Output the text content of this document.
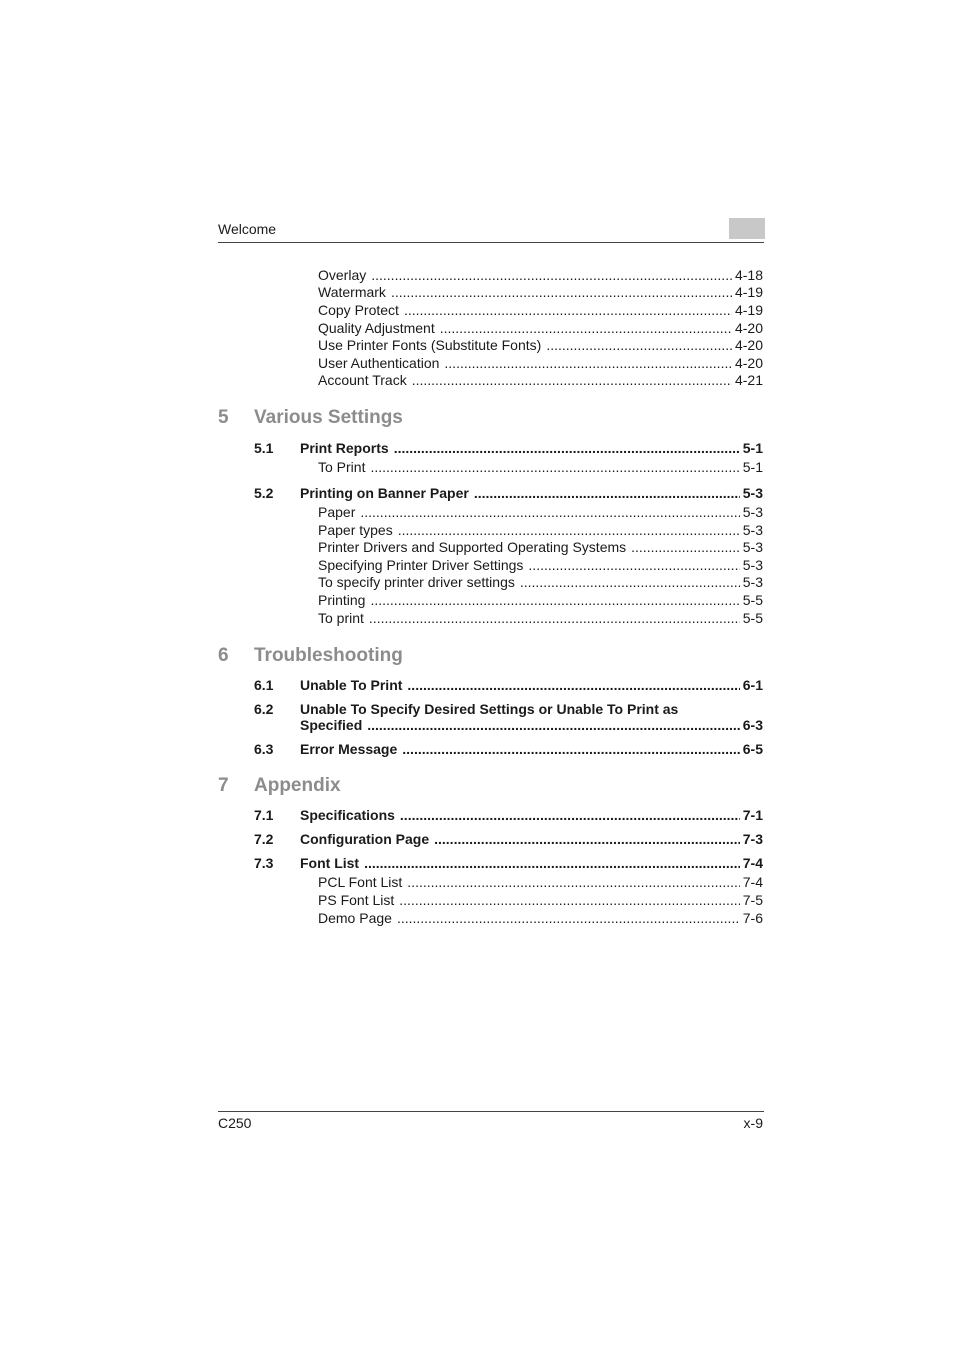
Welcome
Overlay .....	4-18
Watermark .....	4-19
Copy Protect .....	4-19
Quality Adjustment .....	4-20
Use Printer Fonts (Substitute Fonts) .....	4-20
User Authentication .....	4-20
Account Track .....	4-21
5 Various Settings
5.1 Print Reports .....	5-1
To Print .....	5-1
5.2 Printing on Banner Paper .....	5-3
Paper .....	5-3
Paper types .....	5-3
Printer Drivers and Supported Operating Systems .....	5-3
Specifying Printer Driver Settings .....	5-3
To specify printer driver settings .....	5-3
Printing .....	5-5
To print .....	5-5
6 Troubleshooting
6.1 Unable To Print .....	6-1
6.2 Unable To Specify Desired Settings or Unable To Print as
Specified .....	6-3
6.3 Error Message .....	6-5
7 Appendix
7.1 Specifications .....	7-1
7.2 Configuration Page .....	7-3
7.3 Font List .....	7-4
PCL Font List .....	7-4
PS Font List .....	7-5
Demo Page .....	7-6
C250	x-9
